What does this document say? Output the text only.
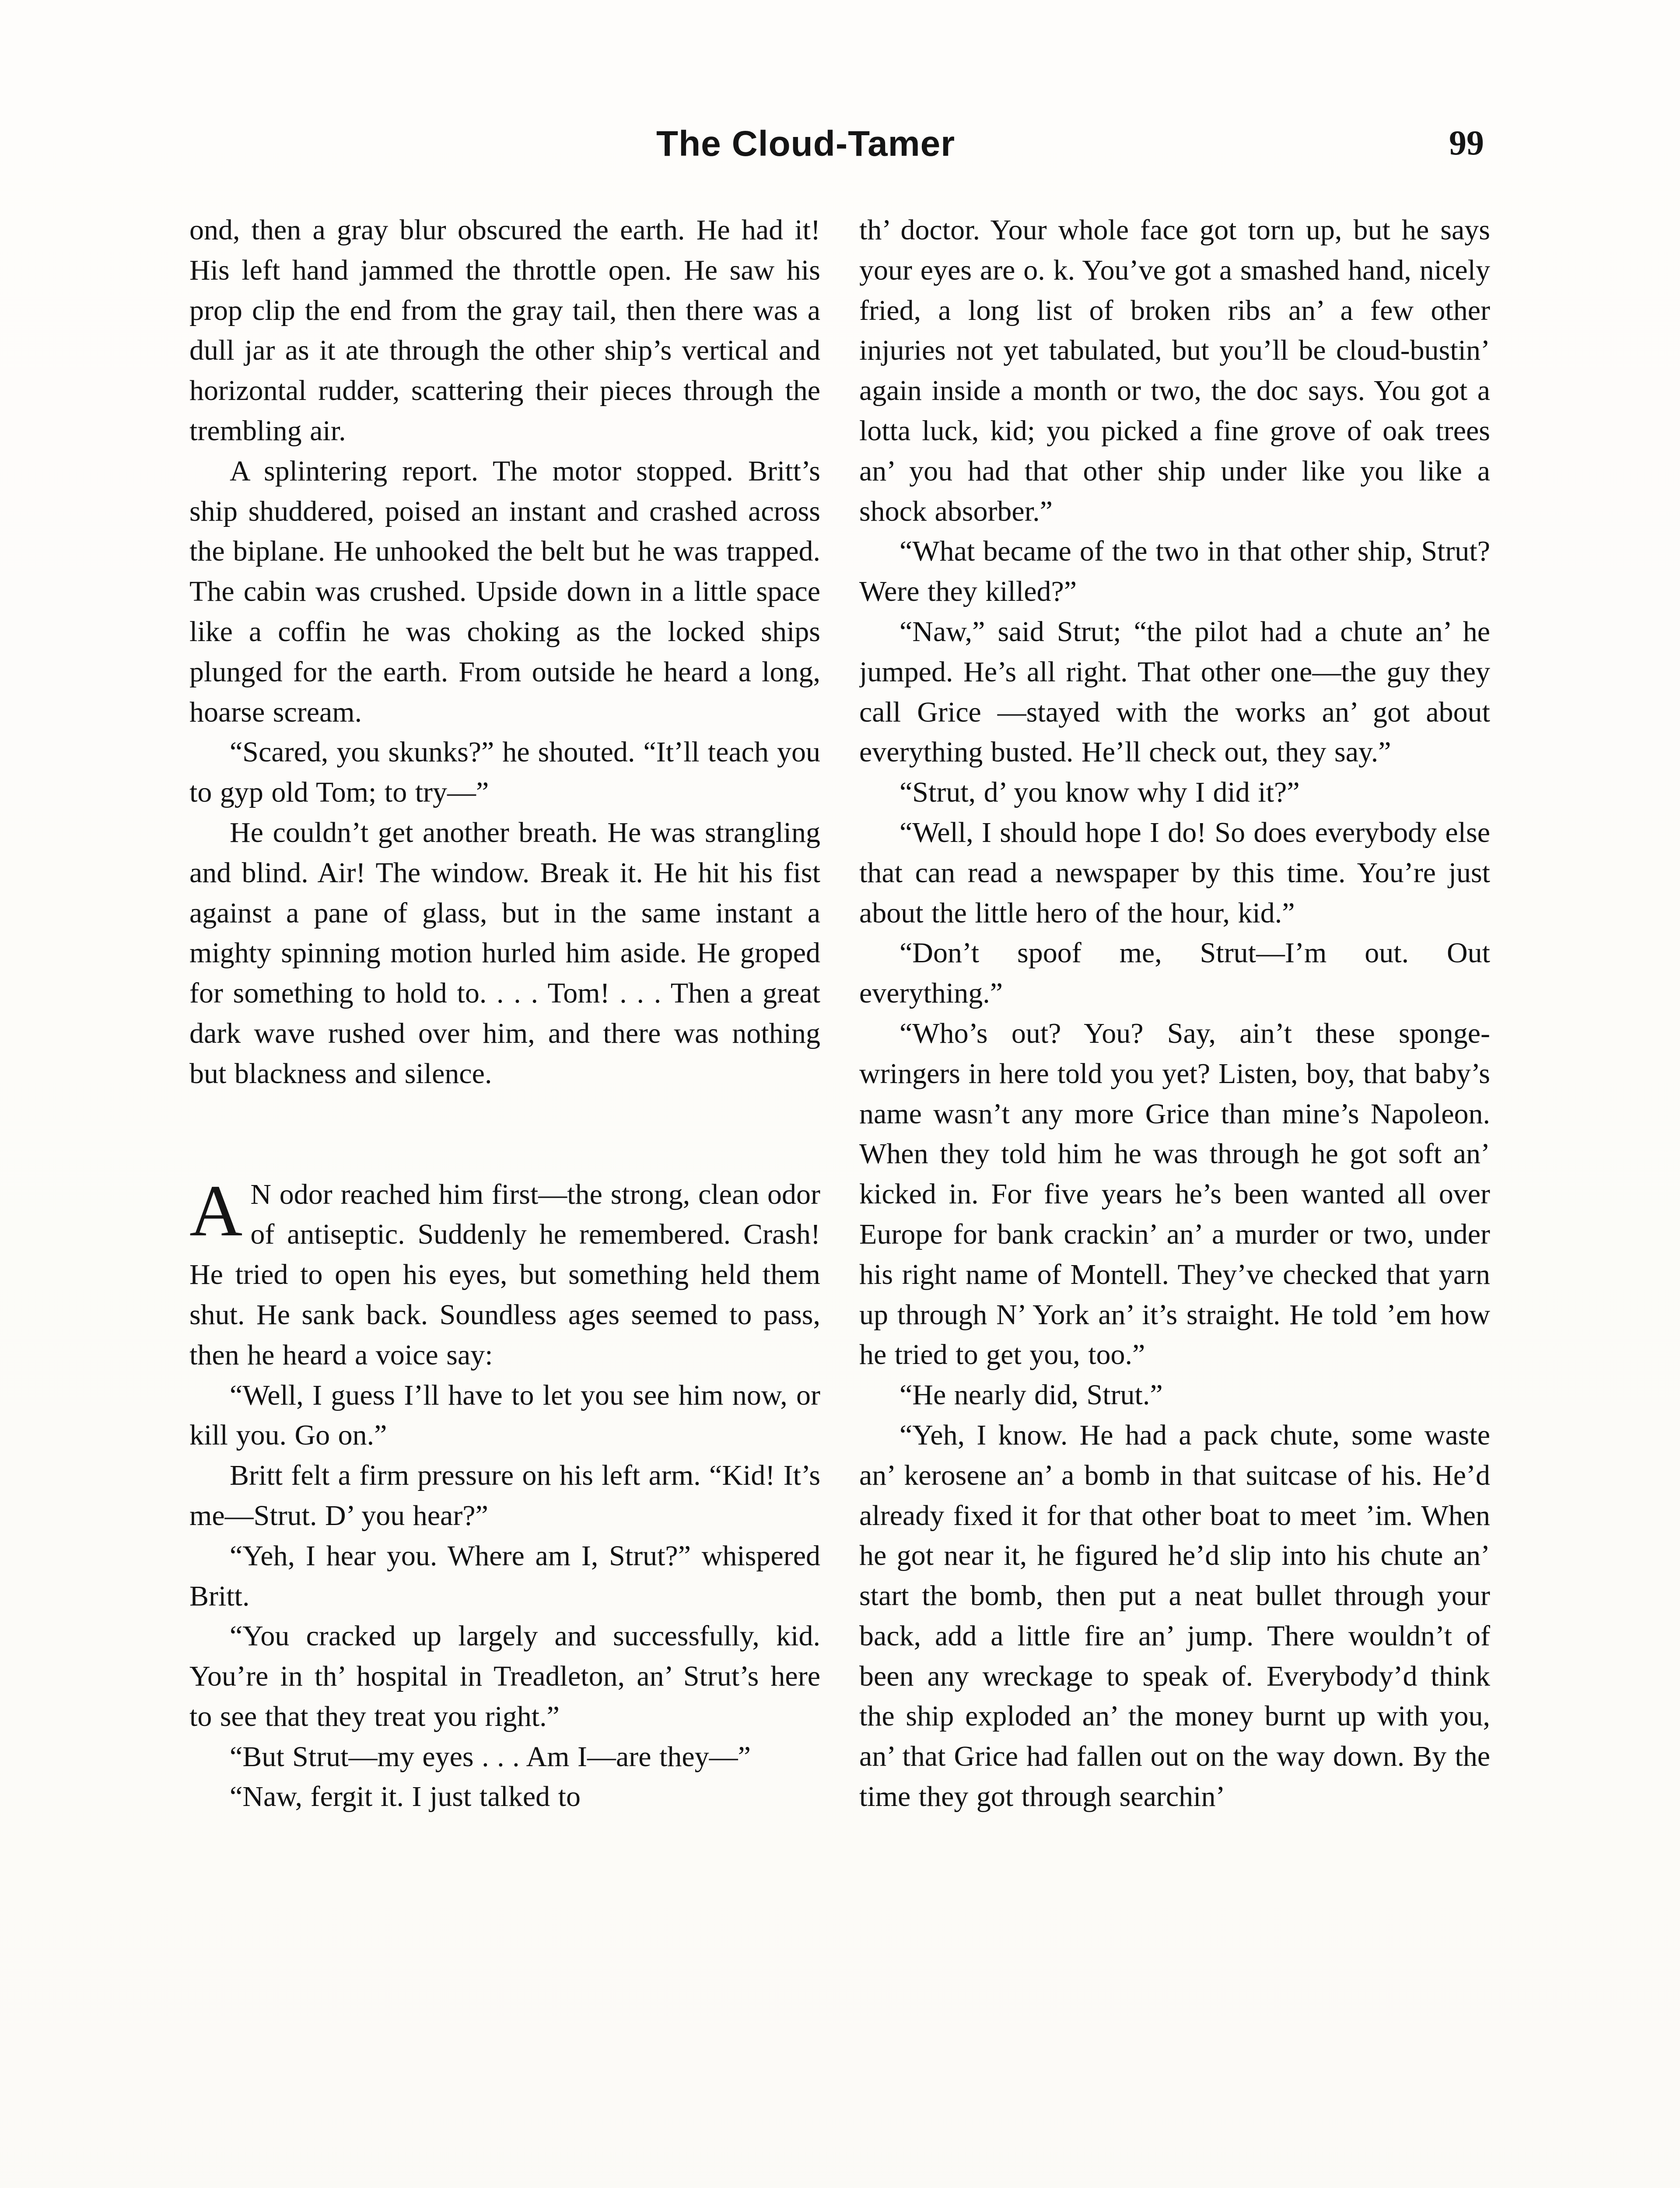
The Cloud-Tamer	99

ond, then a gray blur obscured the earth. He had it! His left hand jammed the throttle open. He saw his prop clip the end from the gray tail, then there was a dull jar as it ate through the other ship’s vertical and horizontal rudder, scattering their pieces through the trembling air.

A splintering report. The motor stopped. Britt’s ship shuddered, poised an instant and crashed across the biplane. He unhooked the belt but he was trapped. The cabin was crushed. Upside down in a little space like a coffin he was choking as the locked ships plunged for the earth. From outside he heard a long, hoarse scream.

“Scared, you skunks?” he shouted. “It’ll teach you to gyp old Tom; to try—”

He couldn’t get another breath. He was strangling and blind. Air! The window. Break it. He hit his fist against a pane of glass, but in the same instant a mighty spinning motion hurled him aside. He groped for something to hold to. . . . Tom! . . . Then a great dark wave rushed over him, and there was nothing but blackness and silence.

A N odor reached him first—the strong, clean odor of antiseptic. Suddenly he remembered. Crash! He tried to open his eyes, but something held them shut. He sank back. Soundless ages seemed to pass, then he heard a voice say:

“Well, I guess I’ll have to let you see him now, or kill you. Go on.”

Britt felt a firm pressure on his left arm. “Kid! It’s me—Strut. D’ you hear?”

“Yeh, I hear you. Where am I, Strut?” whispered Britt.

“You cracked up largely and successfully, kid. You’re in th’ hospital in Treadleton, an’ Strut’s here to see that they treat you right.”

“But Strut—my eyes . . . Am I—are they—”

“Naw, fergit it. I just talked to

th’ doctor. Your whole face got torn up, but he says your eyes are o. k. You’ve got a smashed hand, nicely fried, a long list of broken ribs an’ a few other injuries not yet tabulated, but you’ll be cloud-bustin’ again inside a month or two, the doc says. You got a lotta luck, kid; you picked a fine grove of oak trees an’ you had that other ship under like you like a shock absorber.”

“What became of the two in that other ship, Strut? Were they killed?”

“Naw,” said Strut; “the pilot had a chute an’ he jumped. He’s all right. That other one—the guy they call Grice —stayed with the works an’ got about everything busted. He’ll check out, they say.”

“Strut, d’ you know why I did it?”

“Well, I should hope I do! So does everybody else that can read a newspaper by this time. You’re just about the little hero of the hour, kid.”

“Don’t spoof me, Strut—I’m out. Out everything.”

“Who’s out? You? Say, ain’t these sponge-wringers in here told you yet? Listen, boy, that baby’s name wasn’t any more Grice than mine’s Napoleon. When they told him he was through he got soft an’ kicked in. For five years he’s been wanted all over Europe for bank crackin’ an’ a murder or two, under his right name of Montell. They’ve checked that yarn up through N’ York an’ it’s straight. He told ’em how he tried to get you, too.”

“He nearly did, Strut.”

“Yeh, I know. He had a pack chute, some waste an’ kerosene an’ a bomb in that suitcase of his. He’d already fixed it for that other boat to meet ’im. When he got near it, he figured he’d slip into his chute an’ start the bomb, then put a neat bullet through your back, add a little fire an’ jump. There wouldn’t of been any wreckage to speak of. Everybody’d think the ship exploded an’ the money burnt up with you, an’ that Grice had fallen out on the way down. By the time they got through searchin’
